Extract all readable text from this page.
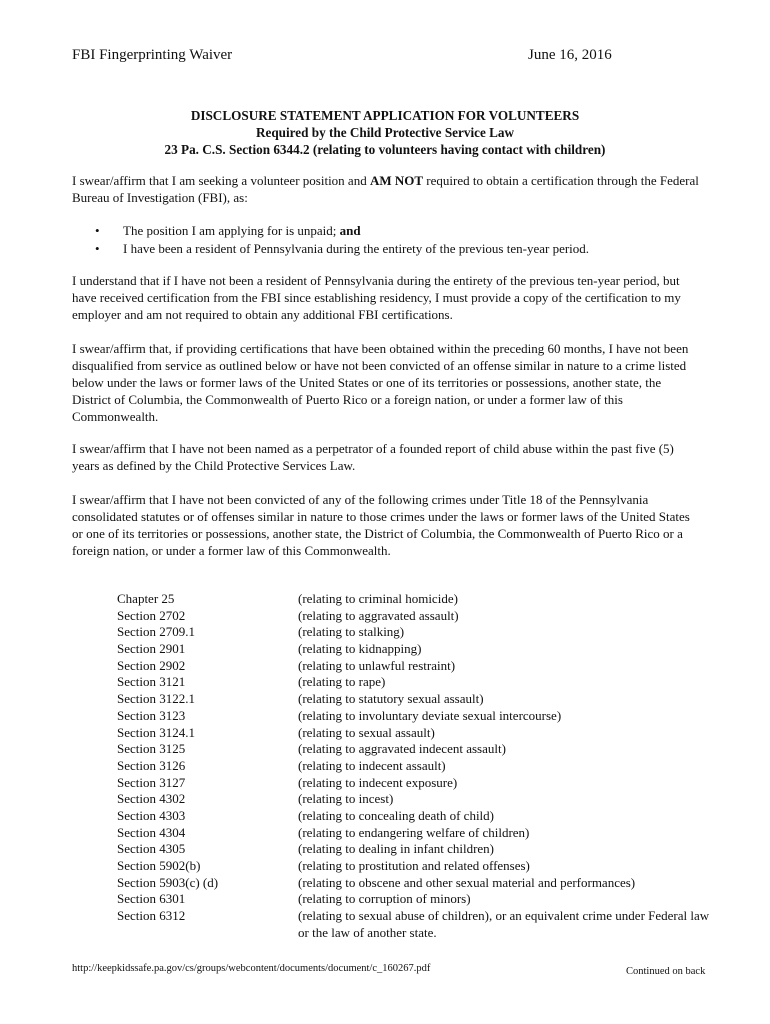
FBI Fingerprinting Waiver	June 16, 2016
DISCLOSURE STATEMENT APPLICATION FOR VOLUNTEERS
Required by the Child Protective Service Law
23 Pa. C.S. Section 6344.2 (relating to volunteers having contact with children)
I swear/affirm that I am seeking a volunteer position and AM NOT required to obtain a certification through the Federal Bureau of Investigation (FBI), as:
• The position I am applying for is unpaid; and
• I have been a resident of Pennsylvania during the entirety of the previous ten-year period.
I understand that if I have not been a resident of Pennsylvania during the entirety of the previous ten-year period, but have received certification from the FBI since establishing residency, I must provide a copy of the certification to my employer and am not required to obtain any additional FBI certifications.
I swear/affirm that, if providing certifications that have been obtained within the preceding 60 months, I have not been disqualified from service as outlined below or have not been convicted of an offense similar in nature to a crime listed below under the laws or former laws of the United States or one of its territories or possessions, another state, the District of Columbia, the Commonwealth of Puerto Rico or a foreign nation, or under a former law of this Commonwealth.
I swear/affirm that I have not been named as a perpetrator of a founded report of child abuse within the past five (5) years as defined by the Child Protective Services Law.
I swear/affirm that I have not been convicted of any of the following crimes under Title 18 of the Pennsylvania consolidated statutes or of offenses similar in nature to those crimes under the laws or former laws of the United States or one of its territories or possessions, another state, the District of Columbia, the Commonwealth of Puerto Rico or a foreign nation, or under a former law of this Commonwealth.
Chapter 25	(relating to criminal homicide)
Section 2702	(relating to aggravated assault)
Section 2709.1	(relating to stalking)
Section 2901	(relating to kidnapping)
Section 2902	(relating to unlawful restraint)
Section 3121	(relating to rape)
Section 3122.1	(relating to statutory sexual assault)
Section 3123	(relating to involuntary deviate sexual intercourse)
Section 3124.1	(relating to sexual assault)
Section 3125	(relating to aggravated indecent assault)
Section 3126	(relating to indecent assault)
Section 3127	(relating to indecent exposure)
Section 4302	(relating to incest)
Section 4303	(relating to concealing death of child)
Section 4304	(relating to endangering welfare of children)
Section 4305	(relating to dealing in infant children)
Section 5902(b)	(relating to prostitution and related offenses)
Section 5903(c) (d)	(relating to obscene and other sexual material and performances)
Section 6301	(relating to corruption of minors)
Section 6312	(relating to sexual abuse of children), or an equivalent crime under Federal law or the law of another state.
http://keepkidssafe.pa.gov/cs/groups/webcontent/documents/document/c_160267.pdf	Continued on back
